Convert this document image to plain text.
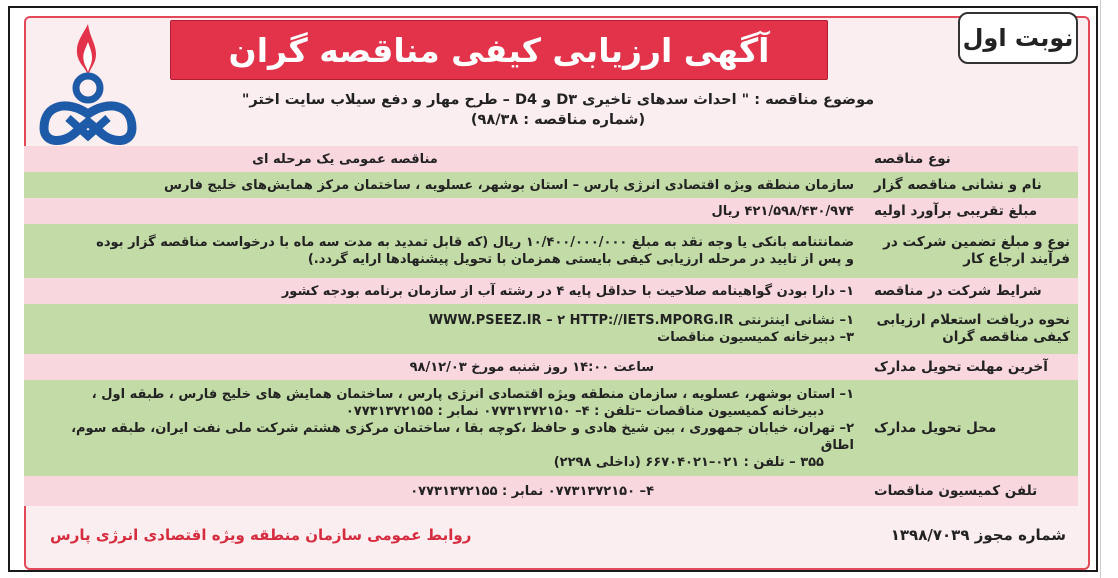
نوبت اول
آگهی ارزیابی کیفی مناقصه گران
موضوع مناقصه : " احداث سدهای تاخیری D۳ و D4 – طرح مهار و دفع سیلاب سایت اختر"
(شماره مناقصه : ۹۸/۳۸)
نوع مناقصه
مناقصه عمومی یک مرحله ای
نام و نشانی مناقصه گزار
سازمان منطقه ویژه اقتصادی انرژی پارس – استان بوشهر، عسلویه ، ساختمان مرکز همایش‌های خلیج فارس
مبلغ تقریبی برآورد اولیه
۴۲۱/۵۹۸/۴۳۰/۹۷۴ ریال
نوع و مبلغ تضمین شرکت در فرآیند ارجاع کار
ضمانتنامه بانکی یا وجه نقد به مبلغ ۱۰/۴۰۰/۰۰۰/۰۰۰ ریال (که قابل تمدید به مدت سه ماه با درخواست مناقصه گزار بوده
و پس از تایید در مرحله ارزیابی کیفی بایستی همزمان با تحویل پیشنهادها ارایه گردد.)
شرایط شرکت در مناقصه
۱– دارا بودن گواهینامه صلاحیت با حداقل پایه ۴ در رشته آب از سازمان برنامه بودجه کشور
نحوه دریافت استعلام ارزیابی کیفی مناقصه گران
۱– نشانی اینترنتی WWW.PSEEZ.IR – ۲ HTTP://IETS.MPORG.IR
۳– دبیرخانه کمیسیون مناقصات
آخرین مهلت تحویل مدارک
ساعت ۱۴:۰۰ روز شنبه مورخ ۹۸/۱۲/۰۳
محل تحویل مدارک
۱– استان بوشهر، عسلویه ، سازمان منطقه ویژه اقتصادی انرژی پارس ، ساختمان همایش های خلیج فارس ، طبقه اول ،
دبیرخانه کمیسیون مناقصات –تلفن : ۴– ۰۷۷۳۱۳۷۲۱۵۰ نمابر : ۰۷۷۳۱۳۷۲۱۵۵
۲– تهران، خیابان جمهوری ، بین شیخ هادی و حافظ ،کوچه بقا ، ساختمان مرکزی هشتم شرکت ملی نفت ایران، طبقه سوم، اطاق
۳۵۵ – تلفن : ۰۲۱–۶۶۷۰۴۰۲۱ (داخلی ۲۲۹۸)
تلفن کمیسیون مناقصات
۴– ۰۷۷۳۱۳۷۲۱۵۰ نمابر : ۰۷۷۳۱۳۷۲۱۵۵
شماره مجوز ۱۳۹۸/۷۰۳۹
روابط عمومی سازمان منطقه ویژه اقتصادی انرژی پارس
